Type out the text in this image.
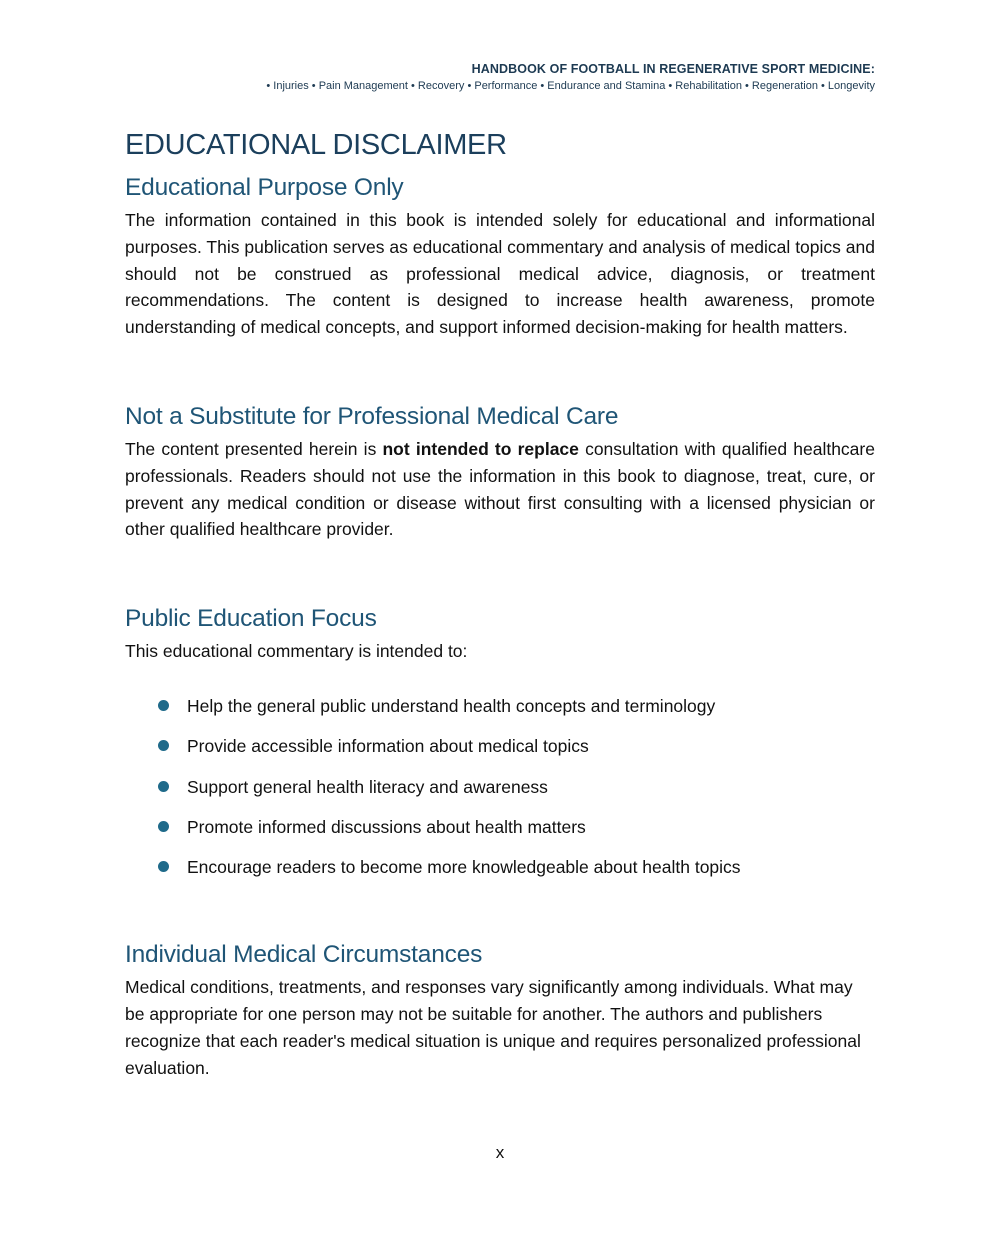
HANDBOOK OF FOOTBALL IN REGENERATIVE SPORT MEDICINE:
• Injuries • Pain Management • Recovery • Performance • Endurance and Stamina • Rehabilitation • Regeneration • Longevity
EDUCATIONAL DISCLAIMER
Educational Purpose Only

The information contained in this book is intended solely for educational and informational purposes. This publication serves as educational commentary and analysis of medical topics and should not be construed as professional medical advice, diagnosis, or treatment recommendations. The content is designed to increase health awareness, promote understanding of medical concepts, and support informed decision-making for health matters.

Not a Substitute for Professional Medical Care

The content presented herein is not intended to replace consultation with qualified healthcare professionals. Readers should not use the information in this book to diagnose, treat, cure, or prevent any medical condition or disease without first consulting with a licensed physician or other qualified healthcare provider.

Public Education Focus

This educational commentary is intended to:

Help the general public understand health concepts and terminology
Provide accessible information about medical topics
Support general health literacy and awareness
Promote informed discussions about health matters
Encourage readers to become more knowledgeable about health topics
Individual Medical Circumstances

Medical conditions, treatments, and responses vary significantly among individuals. What may be appropriate for one person may not be suitable for another. The authors and publishers recognize that each reader's medical situation is unique and requires personalized professional evaluation.

x
